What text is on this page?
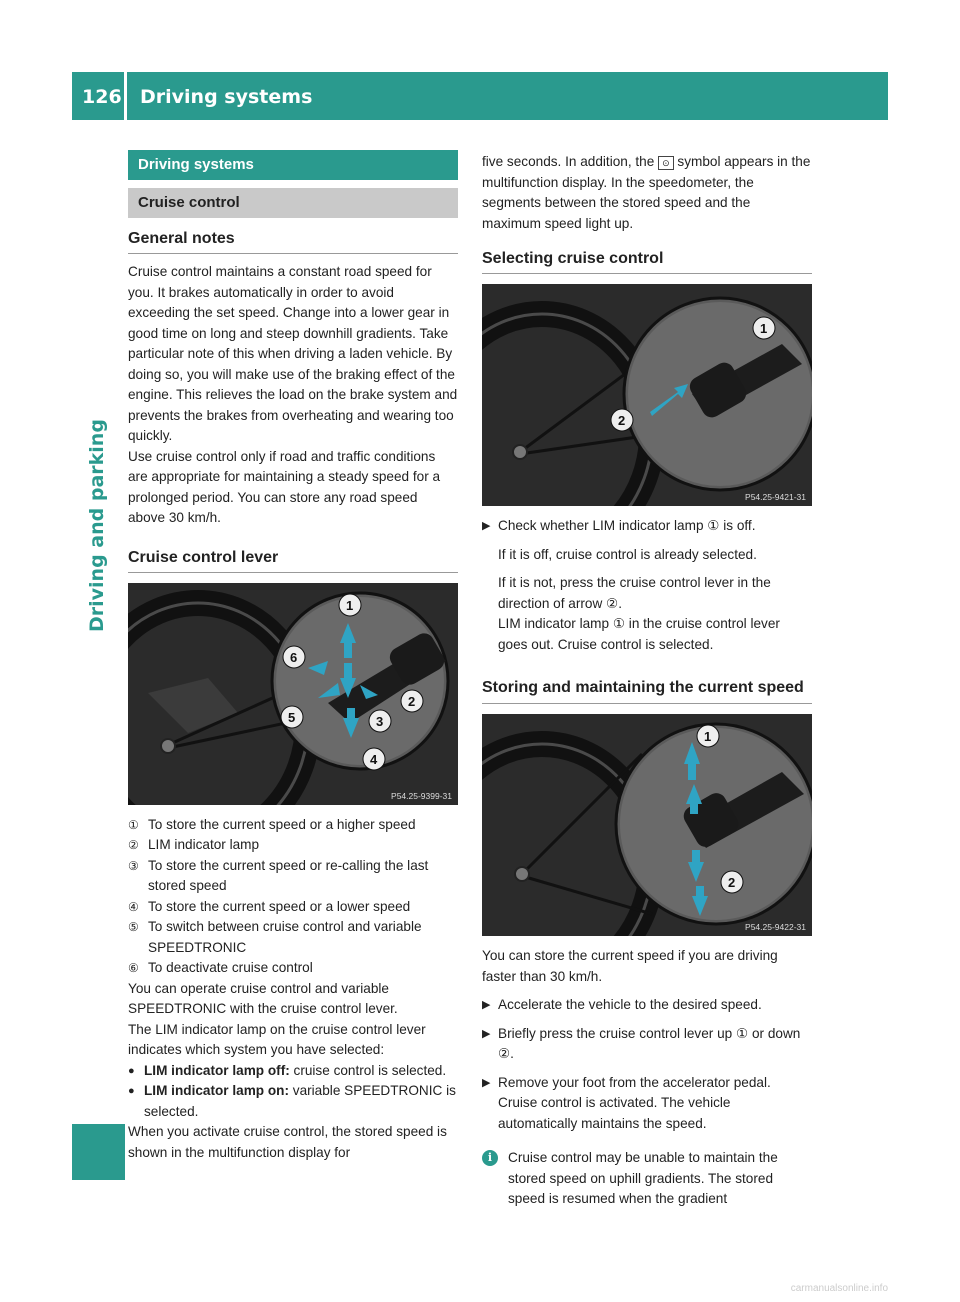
126 Driving systems
Driving and parking
Driving systems
Cruise control
General notes

Cruise control maintains a constant road speed for you. It brakes automatically in order to avoid exceeding the set speed. Change into a lower gear in good time on long and steep downhill gradients. Take particular note of this when driving a laden vehicle. By doing so, you will make use of the braking effect of the engine. This relieves the load on the brake system and prevents the brakes from overheating and wearing too quickly.

Use cruise control only if road and traffic conditions are appropriate for maintaining a steady speed for a prolonged period. You can store any road speed above 30 km/h.

Cruise control lever
1
2
3
4
5
6
P54.25-9399-31
① To store the current speed or a higher speed
② LIM indicator lamp
③ To store the current speed or re-calling the last stored speed
④ To store the current speed or a lower speed
⑤ To switch between cruise control and variable SPEEDTRONIC
⑥ To deactivate cruise control

You can operate cruise control and variable SPEEDTRONIC with the cruise control lever.

The LIM indicator lamp on the cruise control lever indicates which system you have selected:

● LIM indicator lamp off: cruise control is selected.
● LIM indicator lamp on: variable SPEEDTRONIC is selected.

When you activate cruise control, the stored speed is shown in the multifunction display for

five seconds. In addition, the ⊙ symbol appears in the multifunction display. In the speedometer, the segments between the stored speed and the maximum speed light up.

Selecting cruise control
1
2
P54.25-9421-31
▶ Check whether LIM indicator lamp ① is off.

If it is off, cruise control is already selected.

If it is not, press the cruise control lever in the direction of arrow ②.

LIM indicator lamp ① in the cruise control lever goes out. Cruise control is selected.

Storing and maintaining the current speed
1
2
P54.25-9422-31

You can store the current speed if you are driving faster than 30 km/h.

▶ Accelerate the vehicle to the desired speed.
▶ Briefly press the cruise control lever up ① or down ②.
▶ Remove your foot from the accelerator pedal. Cruise control is activated. The vehicle automatically maintains the speed.
i	Cruise control may be unable to maintain the stored speed on uphill gradients. The stored speed is resumed when the gradient
carmanualsonline.info
